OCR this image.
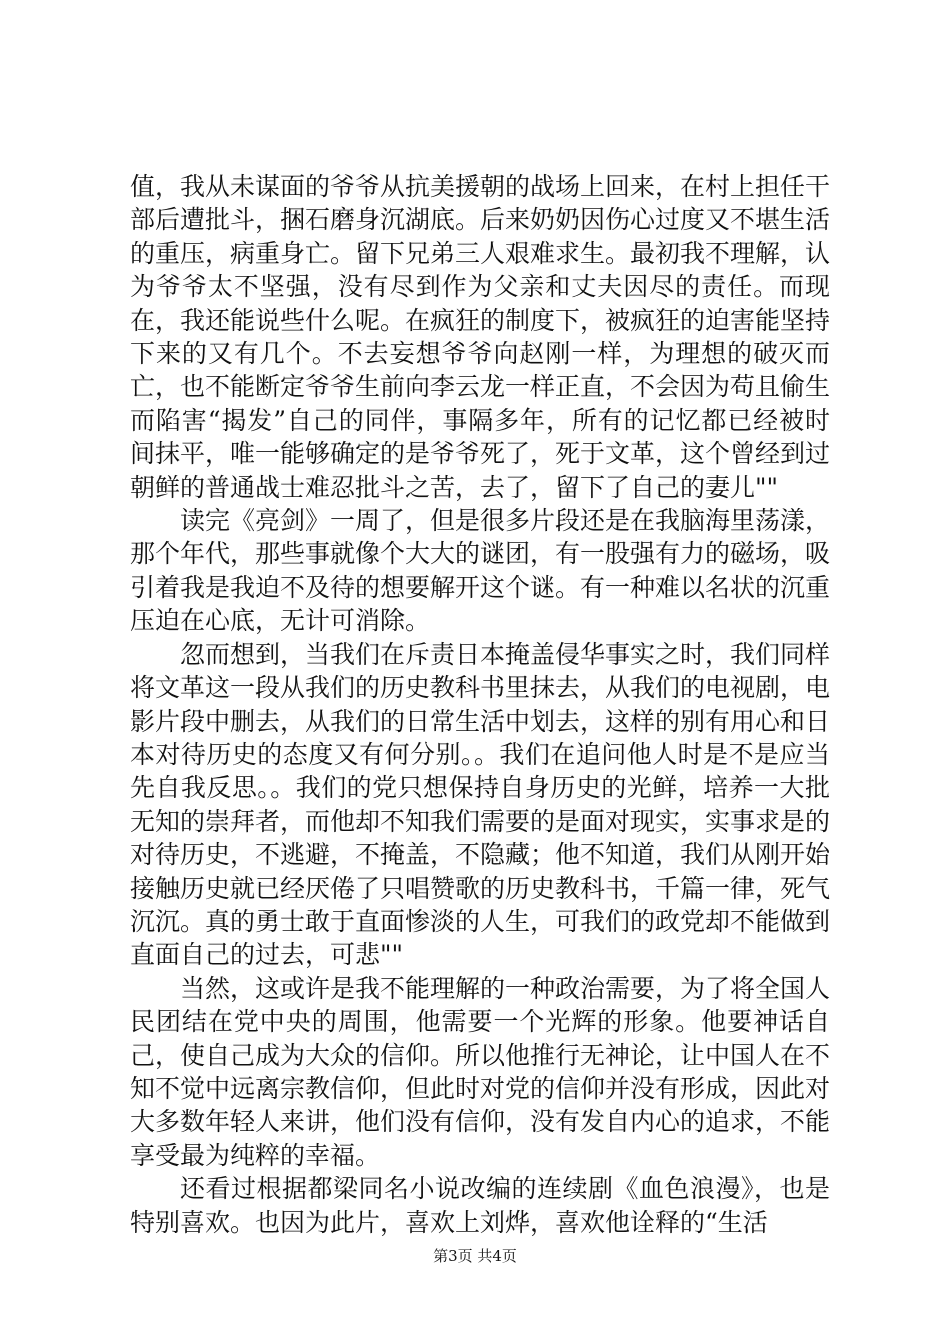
值，我从未谋面的爷爷从抗美援朝的战场上回来，在村上担任干部后遭批斗，捆石磨身沉湖底。后来奶奶因伤心过度又不堪生活的重压，病重身亡。留下兄弟三人艰难求生。最初我不理解，认为爷爷太不坚强，没有尽到作为父亲和丈夫因尽的责任。而现在，我还能说些什么呢。在疯狂的制度下，被疯狂的迫害能坚持下来的又有几个。不去妄想爷爷向赵刚一样，为理想的破灭而亡，也不能断定爷爷生前向李云龙一样正直，不会因为苟且偷生而陷害“揭发”自己的同伴，事隔多年，所有的记忆都已经被时间抹平，唯一能够确定的是爷爷死了，死于文革，这个曾经到过朝鲜的普通战士难忍批斗之苦，去了，留下了自己的妻儿""

读完《亮剑》一周了，但是很多片段还是在我脑海里荡漾，那个年代，那些事就像个大大的谜团，有一股强有力的磁场，吸引着我是我迫不及待的想要解开这个谜。有一种难以名状的沉重压迫在心底，无计可消除。

忽而想到，当我们在斥责日本掩盖侵华事实之时，我们同样将文革这一段从我们的历史教科书里抹去，从我们的电视剧，电影片段中删去，从我们的日常生活中划去，这样的别有用心和日本对待历史的态度又有何分别。。我们在追问他人时是不是应当先自我反思。。我们的党只想保持自身历史的光鲜，培养一大批无知的崇拜者，而他却不知我们需要的是面对现实，实事求是的对待历史，不逃避，不掩盖，不隐藏；他不知道，我们从刚开始接触历史就已经厌倦了只唱赞歌的历史教科书，千篇一律，死气沉沉。真的勇士敢于直面惨淡的人生，可我们的政党却不能做到直面自己的过去，可悲""

当然，这或许是我不能理解的一种政治需要，为了将全国人民团结在党中央的周围，他需要一个光辉的形象。他要神话自己，使自己成为大众的信仰。所以他推行无神论，让中国人在不知不觉中远离宗教信仰，但此时对党的信仰并没有形成，因此对大多数年轻人来讲，他们没有信仰，没有发自内心的追求，不能享受最为纯粹的幸福。

还看过根据都梁同名小说改编的连续剧《血色浪漫》，也是特别喜欢。也因为此片，喜欢上刘烨，喜欢他诠释的“生活

第3页 共4页
